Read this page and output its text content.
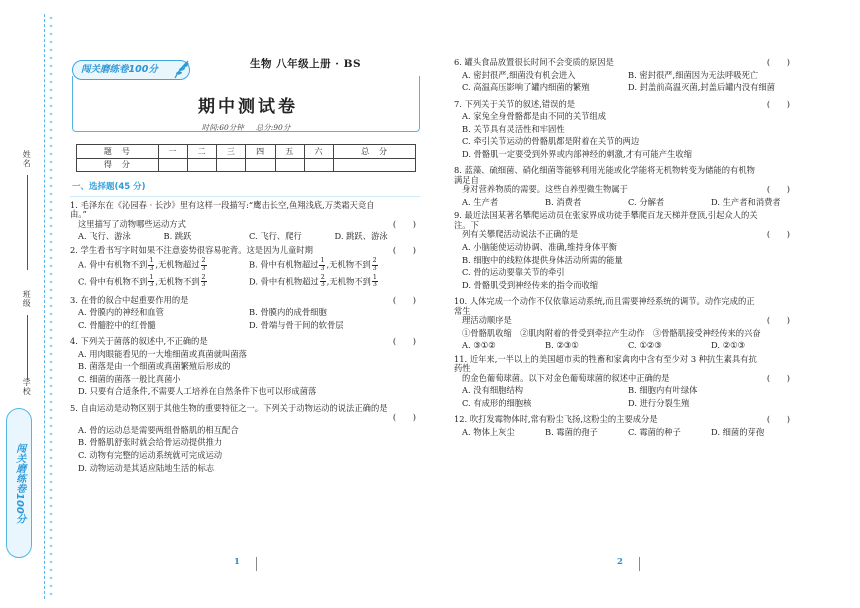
姓名
班级
学校
闯关磨练卷100分
闯关磨练卷100分	生物 八年级上册 · BS
期中测试卷
时间:60分钟 总分:90分
题　号	一	二	三	四	五	六	总　分
得　分							
一、选择题(45 分)
1. 毛泽东在《沁园春 · 长沙》里有这样一段描写:“鹰击长空,鱼翔浅底,万类霜天竞自由。”
这里描写了动物哪些运动方式	(　　)
A. 飞行、游泳	B. 跳跃	C. 飞行、爬行	D. 跳跃、游泳
2. 学生看书写字时如果不注意姿势很容易驼背。这是因为儿童时期	(　　)
A. 骨中有机物不到 $\frac{1}{3}$ ,无机物超过 $\frac{2}{3}$	B. 骨中有机物超过 $\frac{1}{3}$ ,无机物不到 $\frac{2}{3}$
C. 骨中有机物不到 $\frac{1}{3}$ ,无机物不到 $\frac{2}{3}$	D. 骨中有机物超过 $\frac{2}{3}$ ,无机物不到 $\frac{1}{3}$
3. 在骨的叙合中起重要作用的是	(　　)
A. 骨膜内的神经和血管	B. 骨膜内的成骨细胞
C. 骨髓腔中的红骨髓	D. 骨端与骨干间的软骨层
4. 下列关于菌落的叙述中,不正确的是	(　　)
A. 用肉眼能看见的一大堆细菌或真菌就叫菌落
B. 菌落是由一个细菌或真菌繁殖后形成的
C. 细菌的菌落一般比真菌小
D. 只要有合适条件,不需要人工培养在自然条件下也可以形成菌落
5. 自由运动是动物区别于其他生物的重要特征之一。下列关于动物运动的说法正确的是
(　　)
A. 骨的运动总是需要两组骨骼肌的相互配合
B. 骨骼肌舒张时就会给骨运动提供推力
C. 动物有完整的运动系统就可完成运动
D. 动物运动是其适应陆地生活的标志
6. 罐头食品放置很长时间不会变质的原因是	(　　)
A. 密封很严,细菌没有机会进入	B. 密封很严,细菌因为无法呼吸死亡
C. 高温高压影响了罐内细菌的繁殖	D. 封盖前高温灭菌,封盖后罐内没有细菌
7. 下列关于关节的叙述,错误的是	(　　)
A. 家兔全身骨骼都是由不同的关节组成
B. 关节具有灵活性和牢固性
C. 牵引关节运动的骨骼肌都是附着在关节的两边
D. 骨骼肌一定要受到外界或内部神经的刺激,才有可能产生收缩
8. 蓝藻、硫细菌、硝化细菌等能够利用光能或化学能将无机物转变为储能的有机物满足自
身对营养物质的需要。这些自养型微生物属于	(　　)
A. 生产者	B. 消费者	C. 分解者	D. 生产者和消费者
9. 最近法国某著名攀爬运动员在张家界成功徒手攀爬百龙天梯并登顶,引起众人的关注。下
列有关攀爬活动说法不正确的是	(　　)
A. 小脑能使运动协调、准确,维持身体平衡
B. 细胞中的线粒体提供身体活动所需的能量
C. 骨的运动要靠关节的牵引
D. 骨骼肌受到神经传来的指令而收缩
10. 人体完成一个动作不仅依靠运动系统,而且需要神经系统的调节。动作完成的正常生
理活动顺序是	(　　)
①骨骼肌收缩　②肌肉附着的骨受到牵拉产生动作　③骨骼肌接受神经传来的兴奋
A. ③①②	B. ②③①	C. ①②③	D. ②①③
11. 近年来,一半以上的美国超市卖的牲畜和家禽肉中含有至少对 3 种抗生素具有抗药性
的金色葡萄球菌。以下对金色葡萄球菌的叙述中正确的是	(　　)
A. 没有细胞结构	B. 细胞内有叶绿体
C. 有成形的细胞核	D. 进行分裂生殖
12. 吹打发霉物体时,常有粉尘飞扬,这粉尘的主要成分是	(　　)
A. 物体上灰尘	B. 霉菌的孢子	C. 霉菌的种子	D. 细菌的芽孢
1	2
